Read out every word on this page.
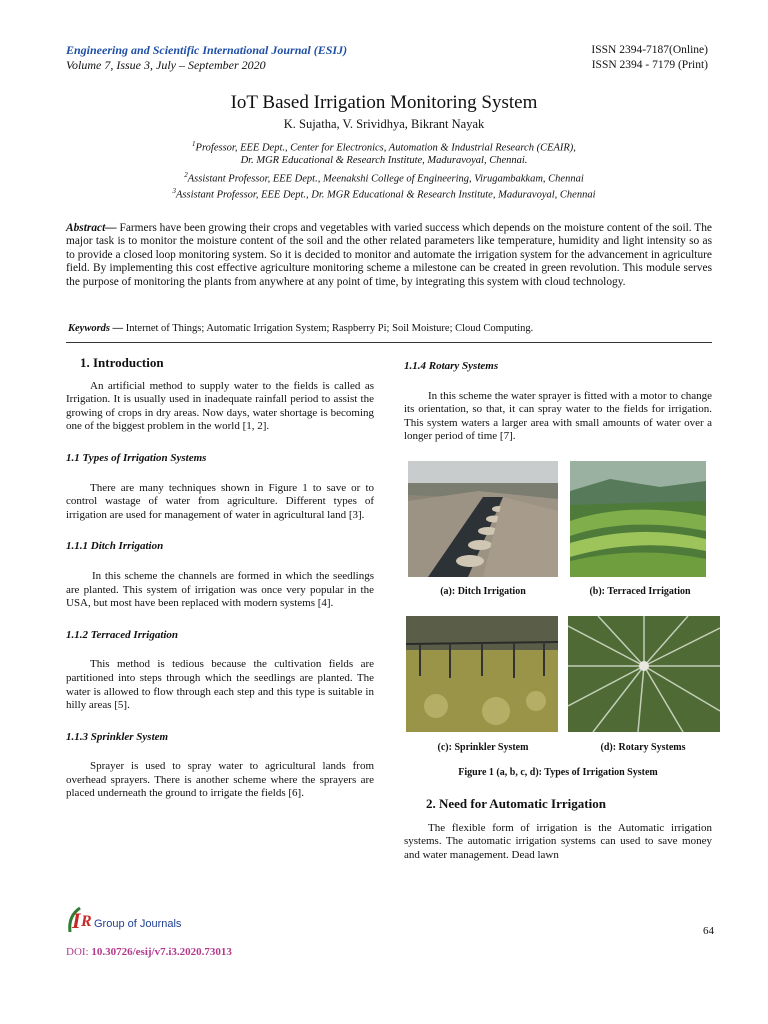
Engineering and Scientific International Journal (ESIJ)
Volume 7, Issue 3, July – September 2020
ISSN 2394-7187(Online)
ISSN 2394 - 7179 (Print)
IoT Based Irrigation Monitoring System
K. Sujatha, V. Srividhya, Bikrant Nayak
$^1$Professor, EEE Dept., Center for Electronics, Automation & Industrial Research (CEAIR),
Dr. MGR Educational & Research Institute, Maduravoyal, Chennai.
$^2$Assistant Professor, EEE Dept., Meenakshi College of Engineering, Virugambakkam, Chennai
$^3$Assistant Professor, EEE Dept., Dr. MGR Educational & Research Institute, Maduravoyal, Chennai
Abstract— Farmers have been growing their crops and vegetables with varied success which depends on the moisture content of the soil. The major task is to monitor the moisture content of the soil and the other related parameters like temperature, humidity and light intensity so as to provide a closed loop monitoring system. So it is decided to monitor and automate the irrigation system for the advancement in agriculture field. By implementing this cost effective agriculture monitoring scheme a milestone can be created in green revolution. This module serves the purpose of monitoring the plants from anywhere at any point of time, by integrating this system with cloud technology.
Keywords — Internet of Things; Automatic Irrigation System; Raspberry Pi; Soil Moisture; Cloud Computing.
1. Introduction

An artificial method to supply water to the fields is called as Irrigation. It is usually used in inadequate rainfall period to assist the growing of crops in dry areas. Now days, water shortage is becoming one of the biggest problem in the world [1, 2].

1.1 Types of Irrigation Systems

There are many techniques shown in Figure 1 to save or to control wastage of water from agriculture. Different types of irrigation are used for management of water in agricultural land [3].

1.1.1 Ditch Irrigation

In this scheme the channels are formed in which the seedlings are planted. This system of irrigation was once very popular in the USA, but most have been replaced with modern systems [4].

1.1.2 Terraced Irrigation

This method is tedious because the cultivation fields are partitioned into steps through which the seedlings are planted. The water is allowed to flow through each step and this type is suitable in hilly areas [5].

1.1.3 Sprinkler System

Sprayer is used to spray water to agricultural lands from overhead sprayers. There is another scheme where the sprayers are placed underneath the ground to irrigate the fields [6].

1.1.4 Rotary Systems

In this scheme the water sprayer is fitted with a motor to change its orientation, so that, it can spray water to the fields for irrigation. This system waters a larger area with small amounts of water over a longer period of time [7].

(a): Ditch Irrigation	(b): Terraced Irrigation
(c): Sprinkler System	(d): Rotary Systems
Figure 1 (a, b, c, d): Types of Irrigation System
2. Need for Automatic Irrigation

The flexible form of irrigation is the Automatic irrigation systems. The automatic irrigation systems can used to save money and water management. Dead lawn

I R Group of Journals
64
DOI: 10.30726/esij/v7.i3.2020.73013
